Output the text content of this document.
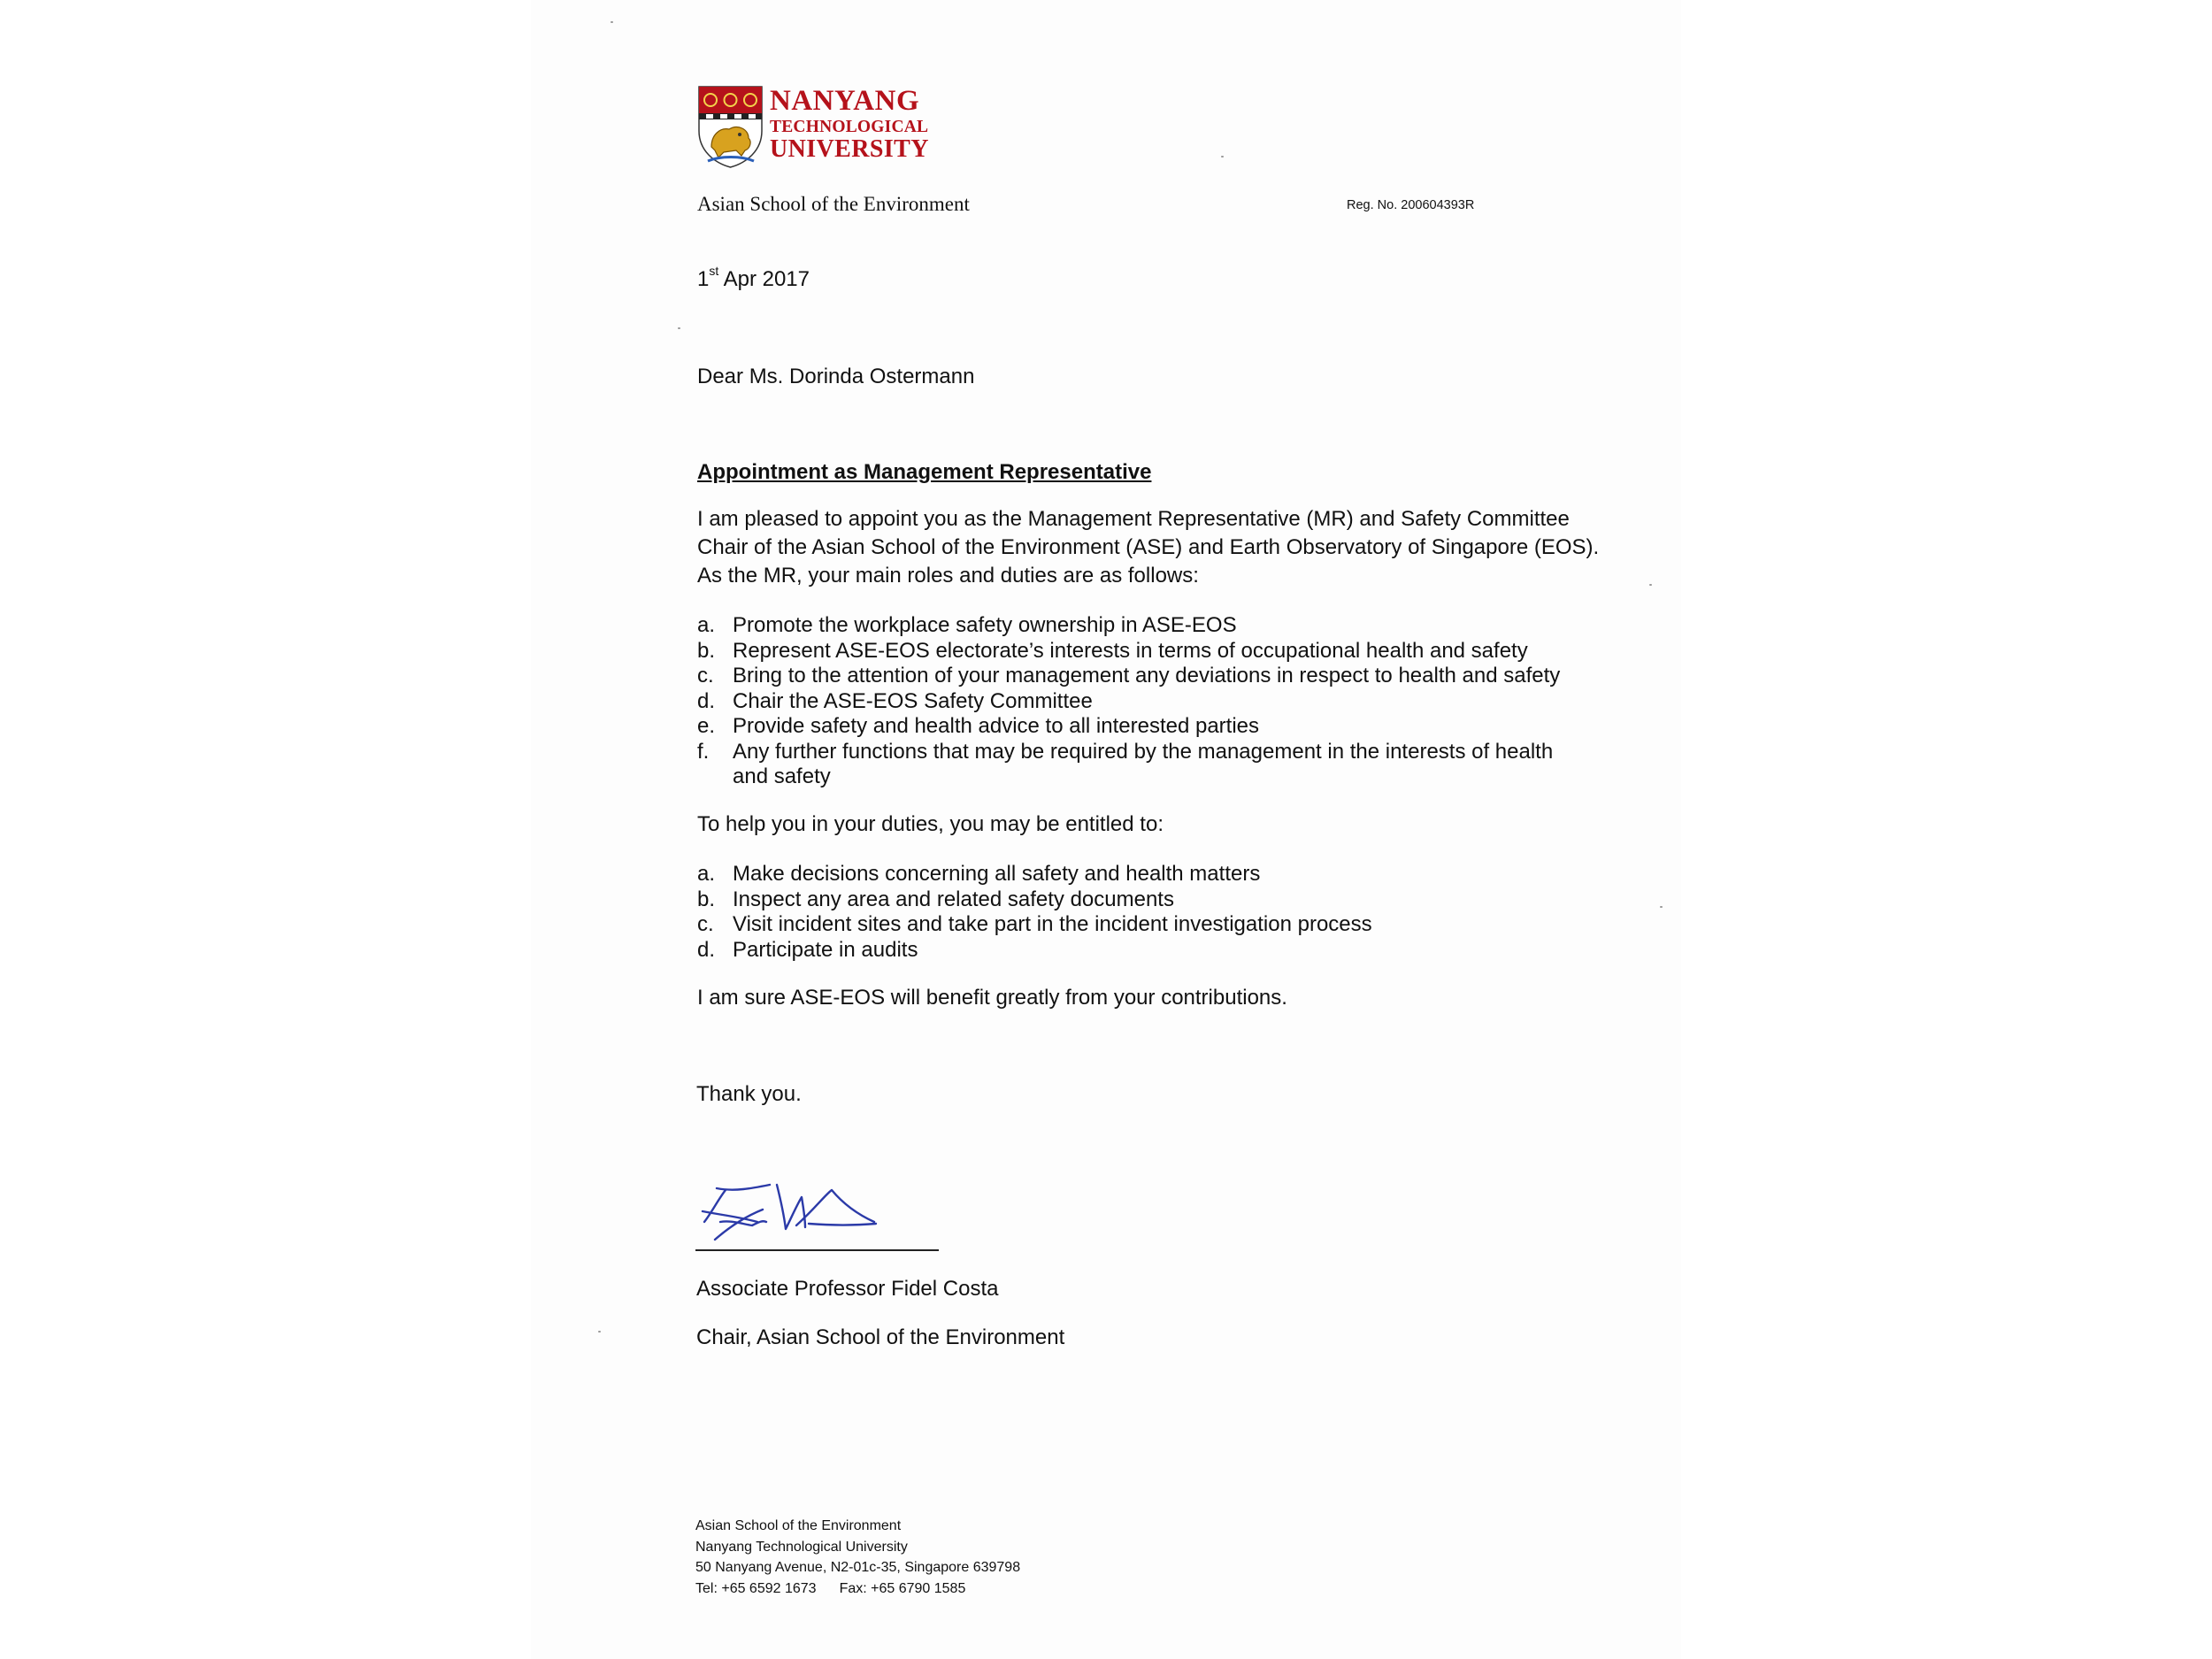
NANYANG
TECHNOLOGICAL
UNIVERSITY
Asian School of the Environment	Reg. No. 200604393R
1st Apr 2017
Dear Ms. Dorinda Ostermann
Appointment as Management Representative
I am pleased to appoint you as the Management Representative (MR) and Safety Committee Chair of the Asian School of the Environment (ASE) and Earth Observatory of Singapore (EOS). As the MR, your main roles and duties are as follows:
a. Promote the workplace safety ownership in ASE-EOS
b. Represent ASE-EOS electorate’s interests in terms of occupational health and safety
c. Bring to the attention of your management any deviations in respect to health and safety
d. Chair the ASE-EOS Safety Committee
e. Provide safety and health advice to all interested parties
f.	Any further functions that may be required by the management in the interests of health and safety
To help you in your duties, you may be entitled to:
a. Make decisions concerning all safety and health matters
b. Inspect any area and related safety documents
c. Visit incident sites and take part in the incident investigation process
d. Participate in audits
I am sure ASE-EOS will benefit greatly from your contributions.
Thank you.
Associate Professor Fidel Costa
Chair, Asian School of the Environment
Asian School of the Environment
Nanyang Technological University
50 Nanyang Avenue, N2-01c-35, Singapore 639798
Tel: +65 6592 1673 Fax: +65 6790 1585
